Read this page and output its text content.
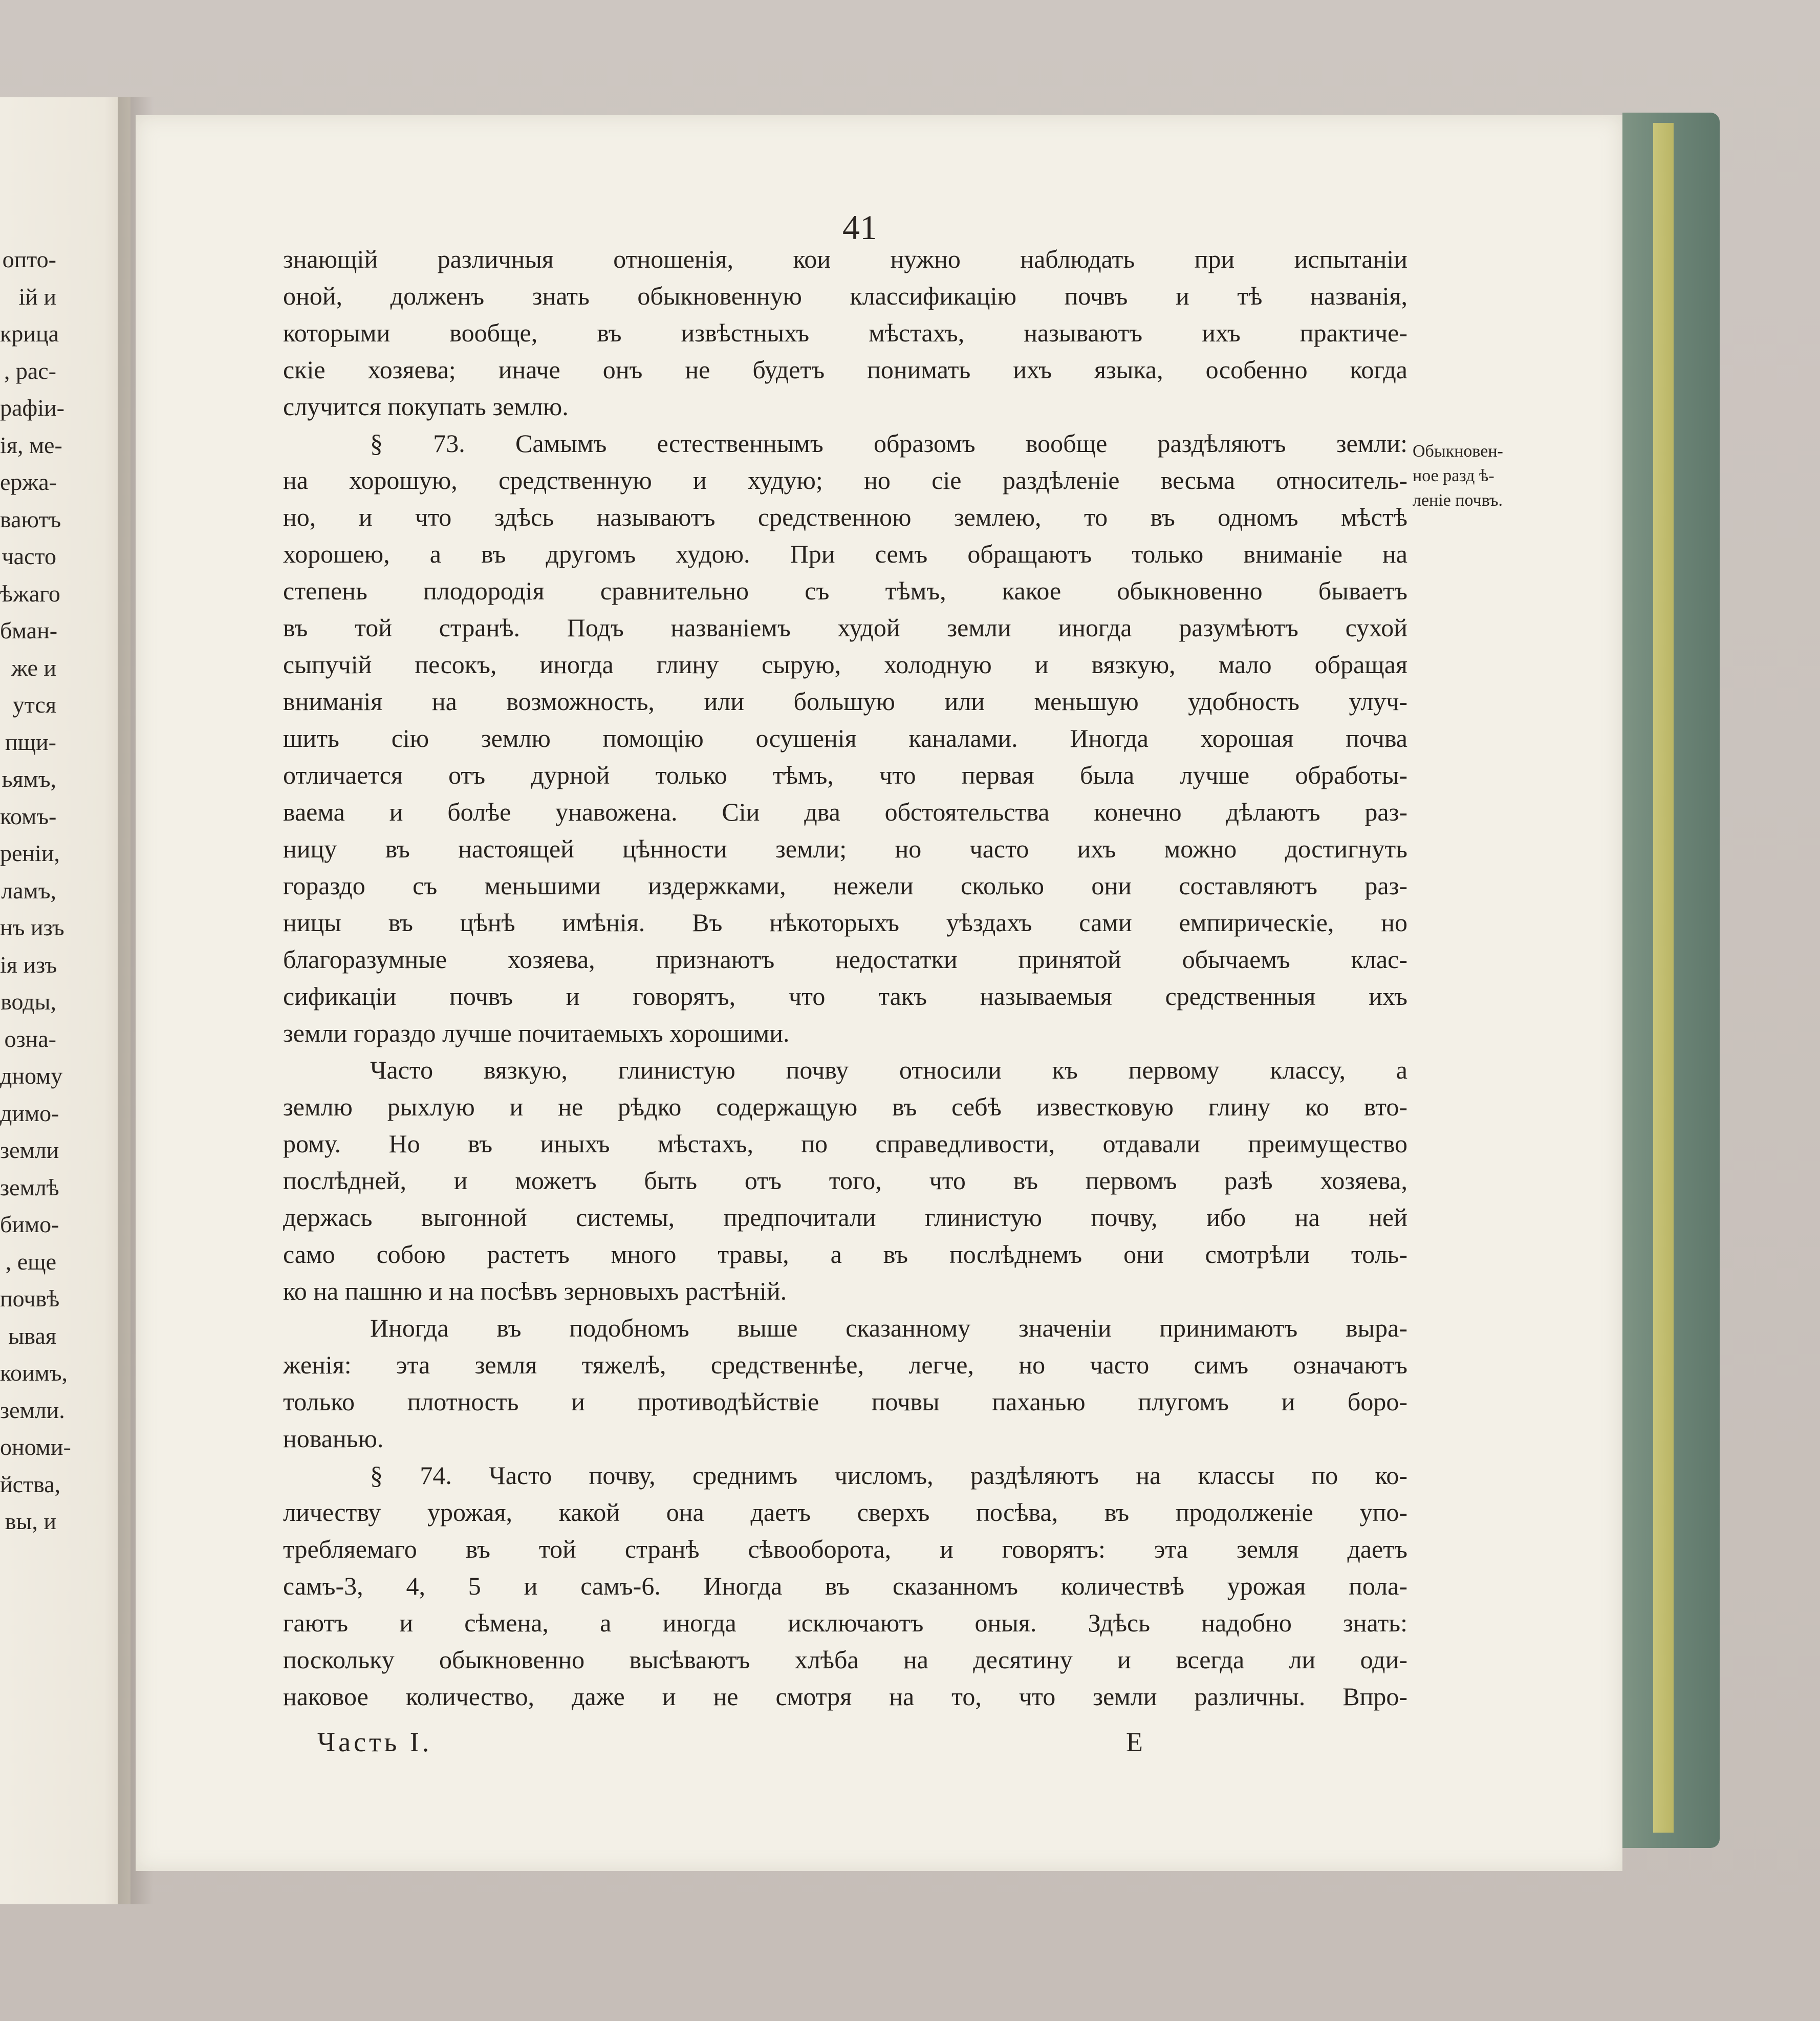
опто-
ій и
крица
, рас-
рафіи-
ія, ме-
ержа-
ваютъ
часто
ѣжаго
бман-
же и
утся
пщи-
ьямъ,
комъ-
реніи,
ламъ,
нъ изъ
ія изъ
воды,
озна-
дному
димо-
земли
землѣ
бимо-
, еще
почвѣ
ывая
коимъ,
земли.
ономи-
йства,
вы, и
41
знающій различныя отношенія, кои нужно наблюдать при испытаніи
оной, долженъ знать обыкновенную классификацію почвъ и тѣ названія,
которыми вообще, въ извѣстныхъ мѣстахъ, называютъ ихъ практиче-
скіе хозяева; иначе онъ не будетъ понимать ихъ языка, особенно когда
случится покупать землю.
§ 73. Самымъ естественнымъ образомъ вообще раздѣляютъ земли:
на хорошую, средственную и худую; но сіе раздѣленіе весьма относитель-
но, и что здѣсь называютъ средственною землею, то въ одномъ мѣстѣ
хорошею, а въ другомъ худою. При семъ обращаютъ только вниманіе на
степень плодородія сравнительно съ тѣмъ, какое обыкновенно бываетъ
въ той странѣ. Подъ названіемъ худой земли иногда разумѣютъ сухой
сыпучій песокъ, иногда глину сырую, холодную и вязкую, мало обращая
вниманія на возможность, или большую или меньшую удобность улуч-
шить сію землю помощію осушенія каналами. Иногда хорошая почва
отличается отъ дурной только тѣмъ, что первая была лучше обработы-
ваема и болѣе унавожена. Сіи два обстоятельства конечно дѣлаютъ раз-
ницу въ настоящей цѣнности земли; но часто ихъ можно достигнуть
гораздо съ меньшими издержками, нежели сколько они составляютъ раз-
ницы въ цѣнѣ имѣнія. Въ нѣкоторыхъ уѣздахъ сами емпирическіе, но
благоразумные хозяева, признаютъ недостатки принятой обычаемъ клас-
сификаціи почвъ и говорятъ, что такъ называемыя средственныя ихъ
земли гораздо лучше почитаемыхъ хорошими.
Часто вязкую, глинистую почву относили къ первому классу, а
землю рыхлую и не рѣдко содержащую въ себѣ известковую глину ко вто-
рому. Но въ иныхъ мѣстахъ, по справедливости, отдавали преимущество
послѣдней, и можетъ быть отъ того, что въ первомъ разѣ хозяева,
держась выгонной системы, предпочитали глинистую почву, ибо на ней
само собою растетъ много травы, а въ послѣднемъ они смотрѣли толь-
ко на пашню и на посѣвъ зерновыхъ растѣній.
Иногда въ подобномъ выше сказанному значеніи принимаютъ выра-
женія: эта земля тяжелѣ, средственнѣе, легче, но часто симъ означаютъ
только плотность и противодѣйствіе почвы паханью плугомъ и боро-
нованью.
§ 74. Часто почву, среднимъ числомъ, раздѣляютъ на классы по ко-
личеству урожая, какой она даетъ сверхъ посѣва, въ продолженіе упо-
требляемаго въ той странѣ сѣвооборота, и говорятъ: эта земля даетъ
самъ-3, 4, 5 и самъ-6. Иногда въ сказанномъ количествѣ урожая пола-
гаютъ и сѣмена, а иногда исключаютъ оныя. Здѣсь надобно знать:
поскольку обыкновенно высѣваютъ хлѣба на десятину и всегда ли оди-
наковое количество, даже и не смотря на то, что земли различны. Впро-
Обыкновен-
ное разд ѣ-
леніе почвъ.
Часть I.	Е
